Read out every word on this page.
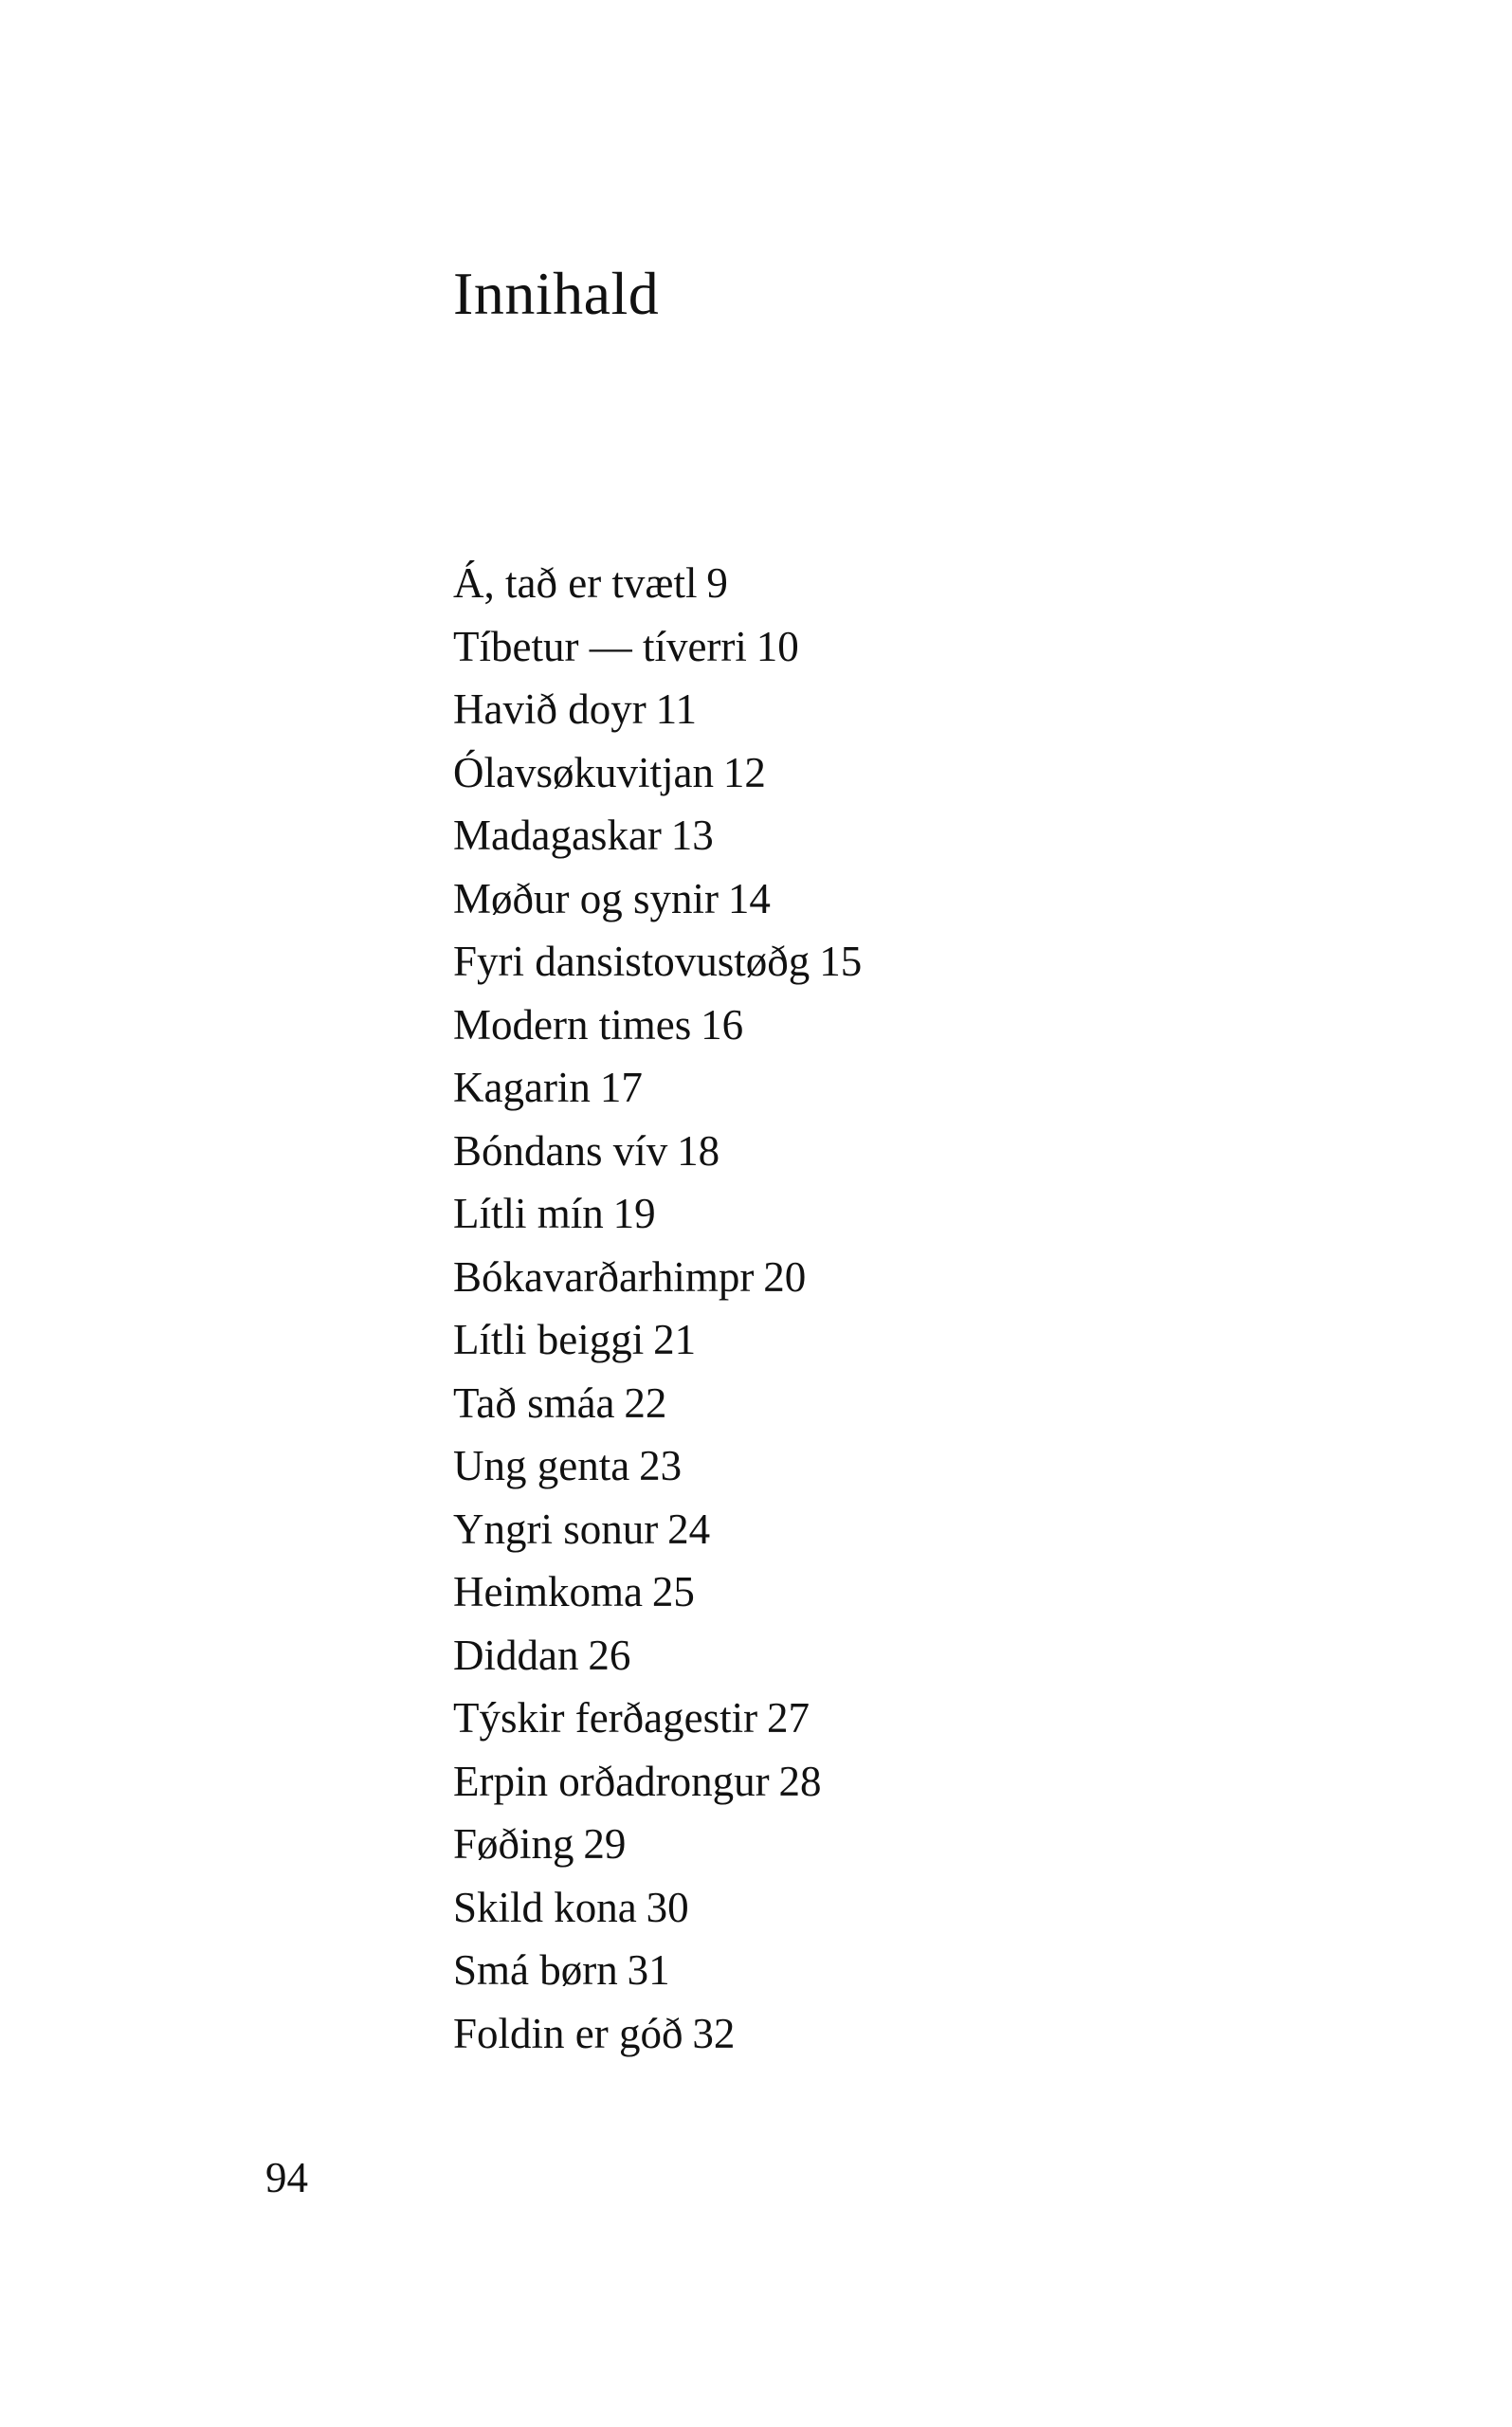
Innihald
Á, tað er tvætl 9
Tíbetur — tíverri 10
Havið doyr 11
Ólavsøkuvitjan 12
Madagaskar 13
Møður og synir 14
Fyri dansistovustøðg 15
Modern times 16
Kagarin 17
Bóndans vív 18
Lítli mín 19
Bókavarðarhimpr 20
Lítli beiggi 21
Tað smáa 22
Ung genta 23
Yngri sonur 24
Heimkoma 25
Diddan 26
Týskir ferðagestir 27
Erpin orðadrongur 28
Føðing 29
Skild kona 30
Smá børn 31
Foldin er góð 32
94
